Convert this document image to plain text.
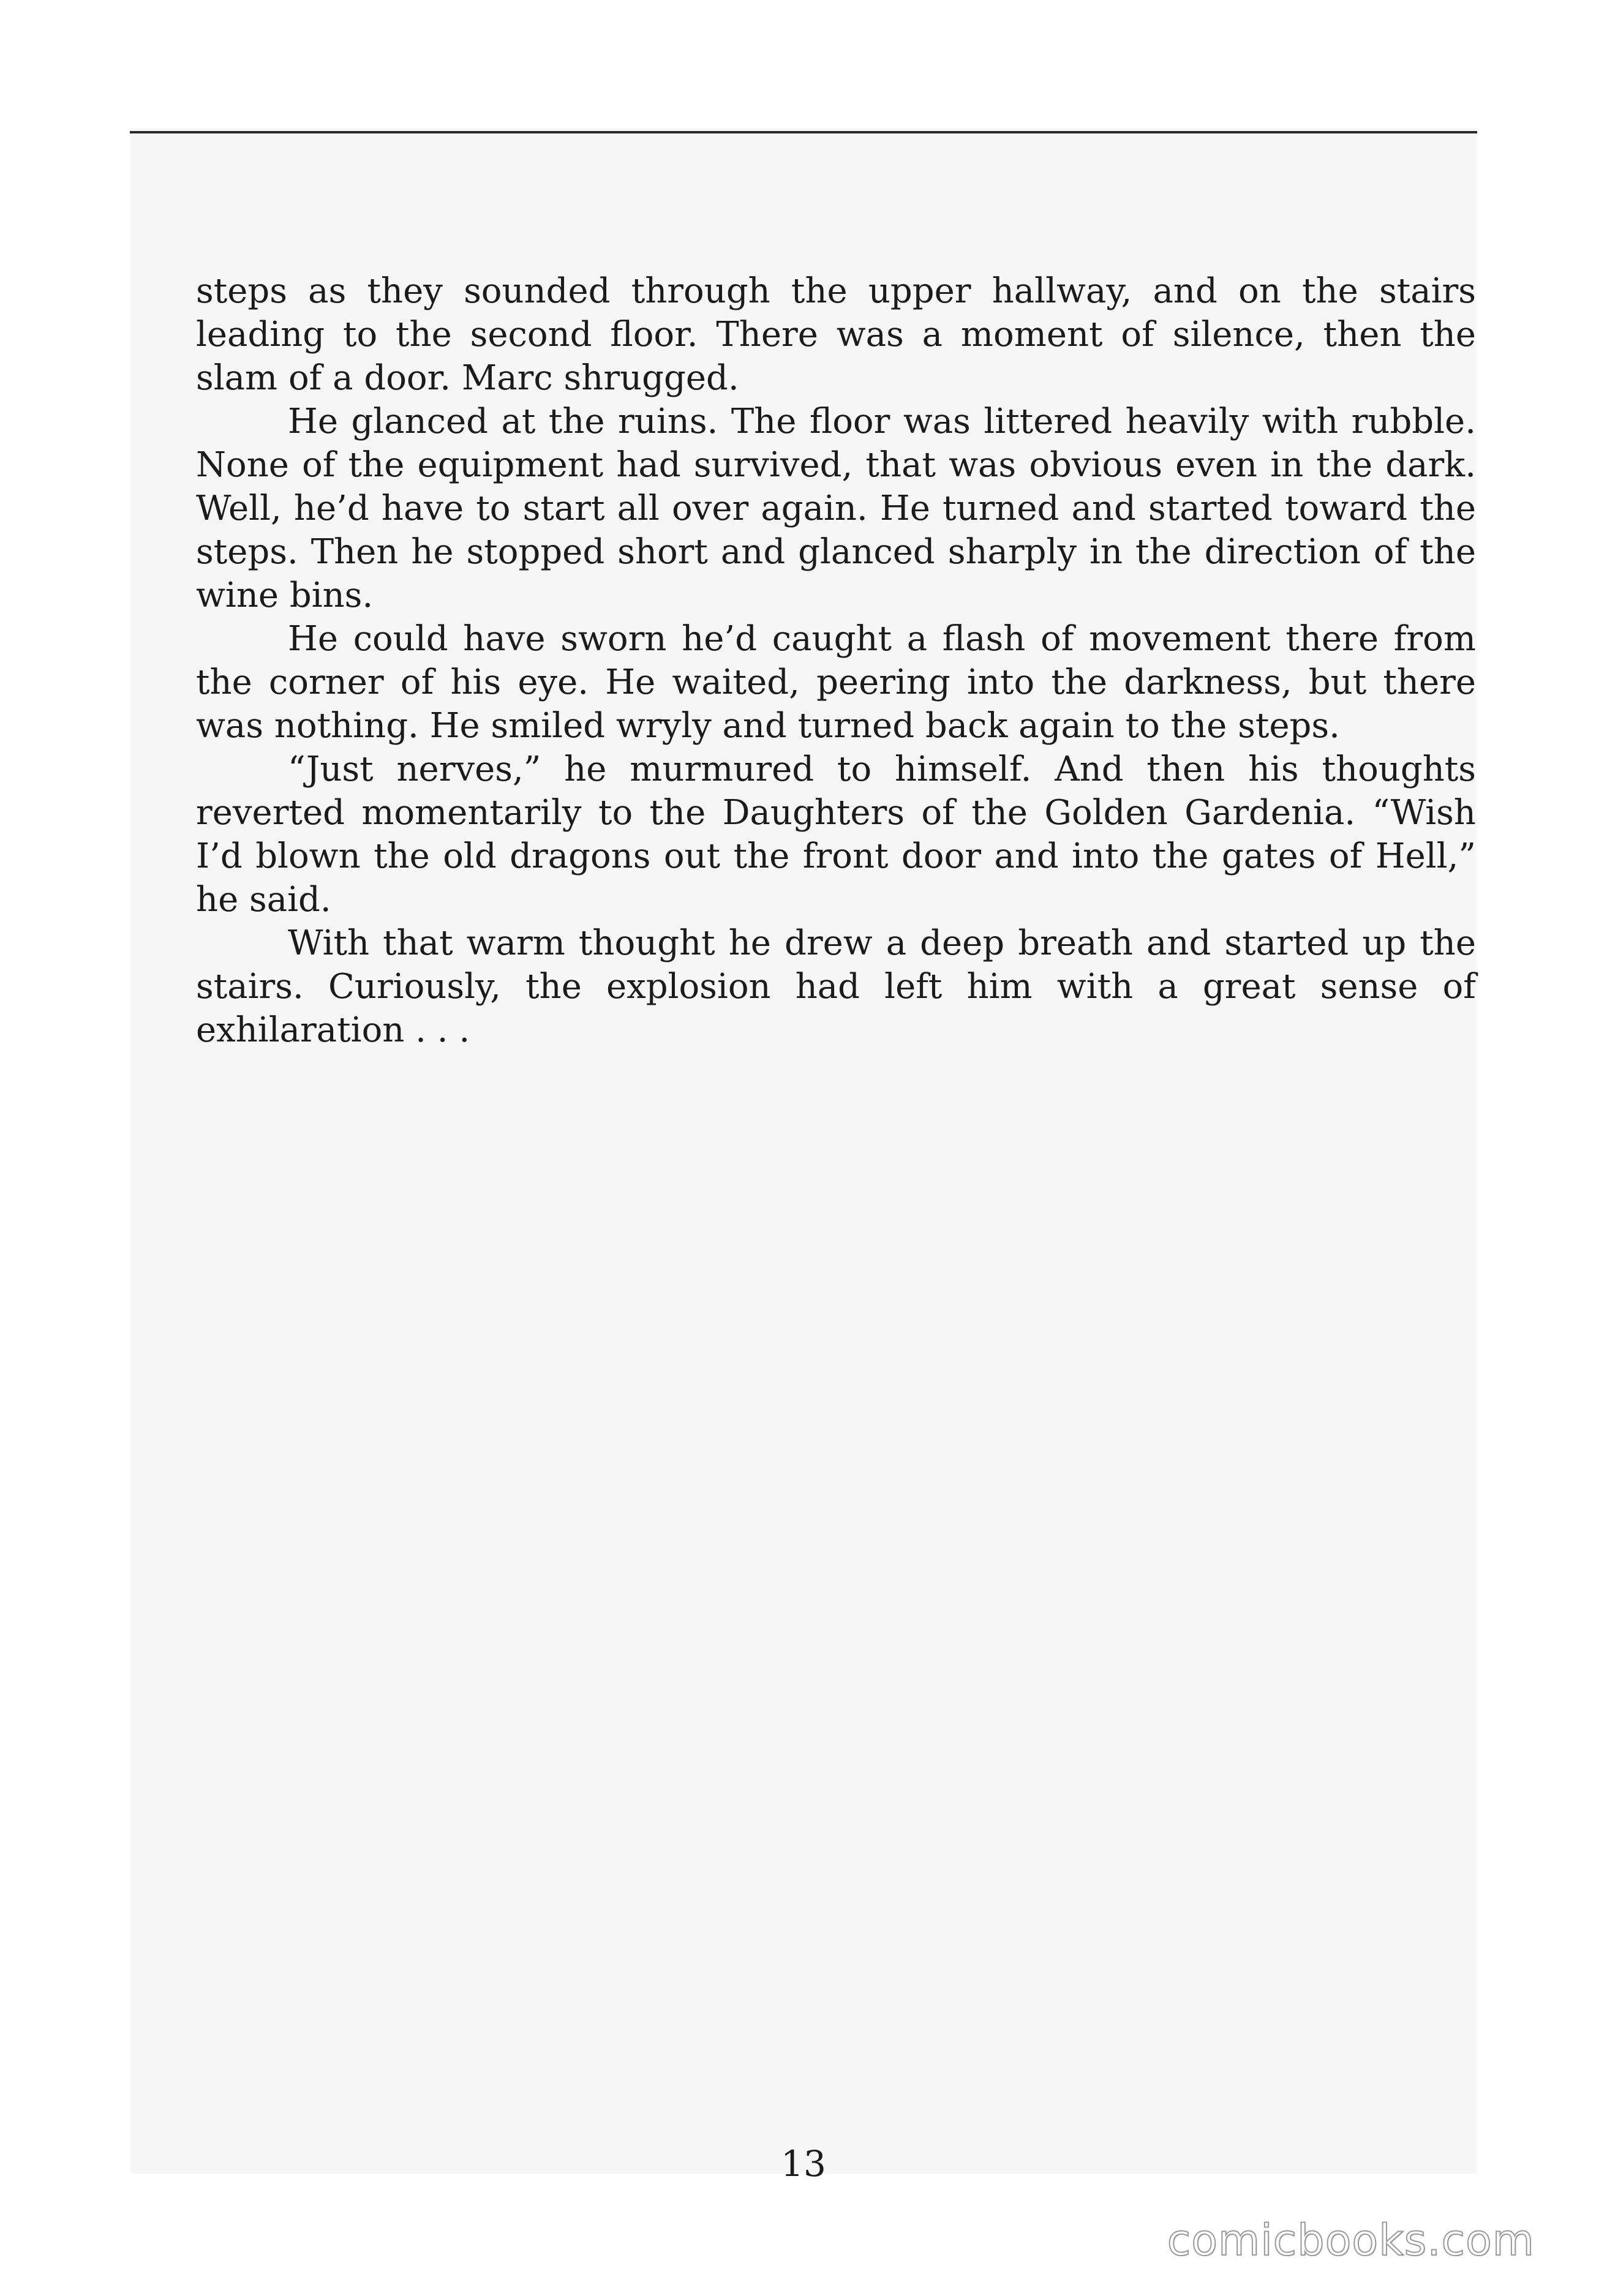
steps as they sounded through the upper hallway, and on the stairs leading to the second floor. There was a moment of silence, then the slam of a door. Marc shrugged.

He glanced at the ruins. The floor was littered heavily with rubble. None of the equipment had survived, that was obvious even in the dark. Well, he’d have to start all over again. He turned and started toward the steps. Then he stopped short and glanced sharply in the direction of the wine bins.

He could have sworn he’d caught a flash of movement there from the corner of his eye. He waited, peering into the darkness, but there was nothing. He smiled wryly and turned back again to the steps.

“Just nerves,” he murmured to himself. And then his thoughts reverted momentarily to the Daughters of the Golden Gardenia. “Wish I’d blown the old dragons out the front door and into the gates of Hell,” he said.

With that warm thought he drew a deep breath and started up the stairs. Curiously, the explosion had left him with a great sense of exhilaration . . .

13
comicbooks.com
